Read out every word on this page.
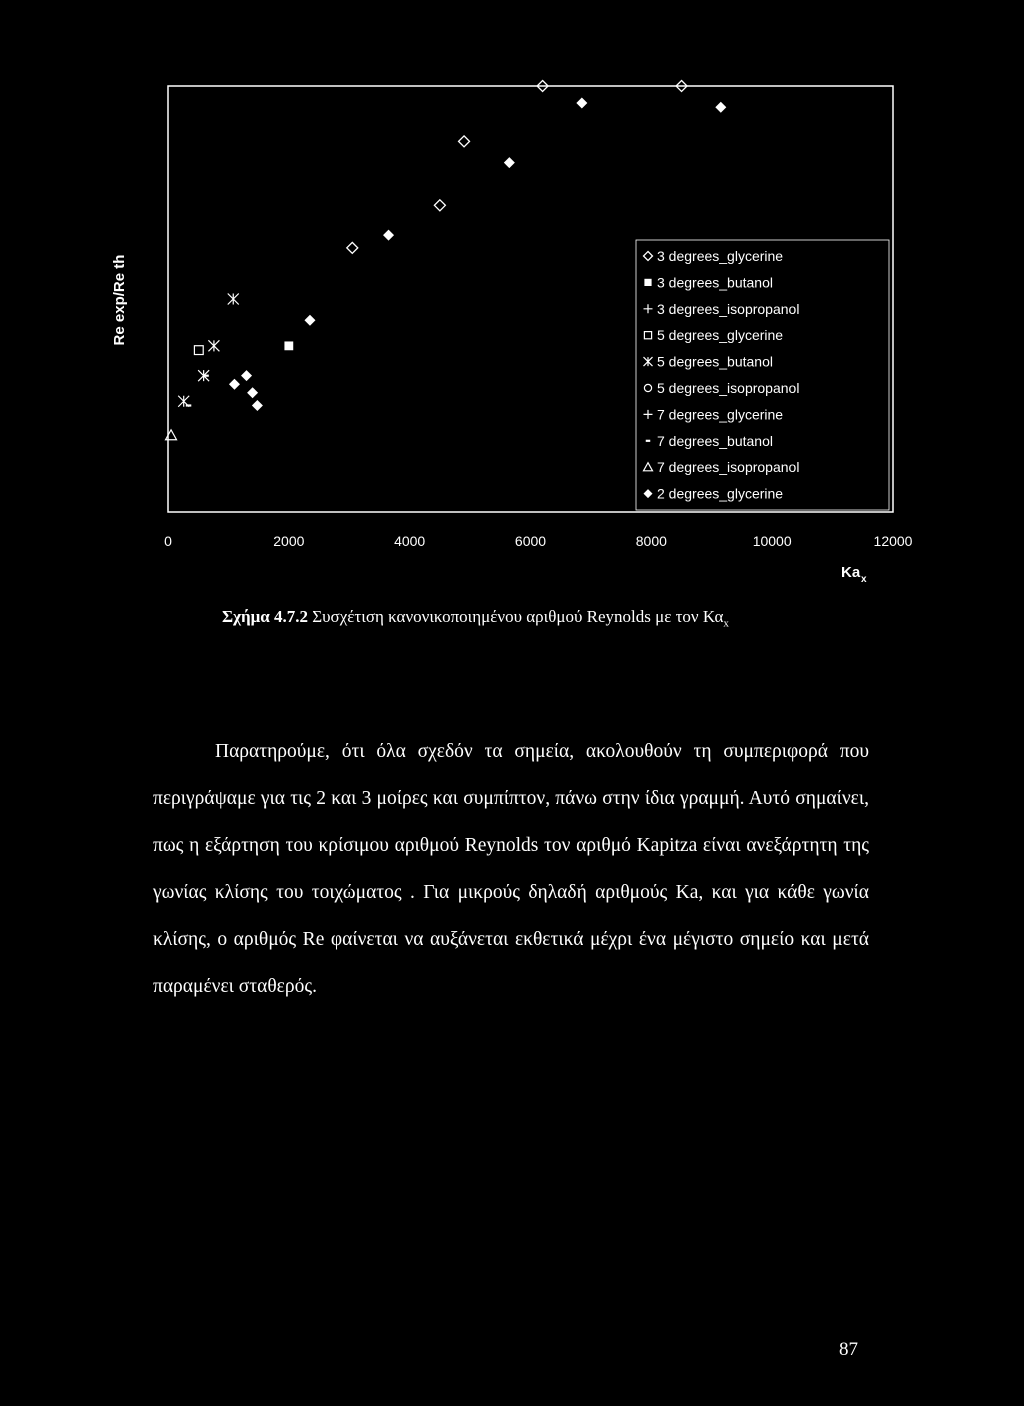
0	2000	4000	6000	8000	10000	12000
3 degrees_glycerine
3 degrees_butanol
3 degrees_isopropanol
5 degrees_glycerine
5 degrees_butanol
5 degrees_isopropanol
7 degrees_glycerine
7 degrees_butanol
7 degrees_isopropanol
2 degrees_glycerine
Re exp/Re th
Ka x
Σχήμα 4.7.2 Συσχέτιση κανονικοποιημένου αριθμού Reynolds με τον $K\alpha_x$

Παρατηρούμε, ότι όλα σχεδόν τα σημεία, ακολουθούν τη συμπεριφορά που περιγράψαμε για τις 2 και 3 μοίρες και συμπίπτον, πάνω στην ίδια γραμμή. Αυτό σημαίνει, πως η εξάρτηση του κρίσιμου αριθμού Reynolds τον αριθμό Kapitza είναι ανεξάρτητη της γωνίας κλίσης του τοιχώματος . Για μικρούς δηλαδή αριθμούς Ka, και για κάθε γωνία κλίσης, ο αριθμός Re φαίνεται να αυξάνεται εκθετικά μέχρι ένα μέγιστο σημείο και μετά παραμένει σταθερός.

87
